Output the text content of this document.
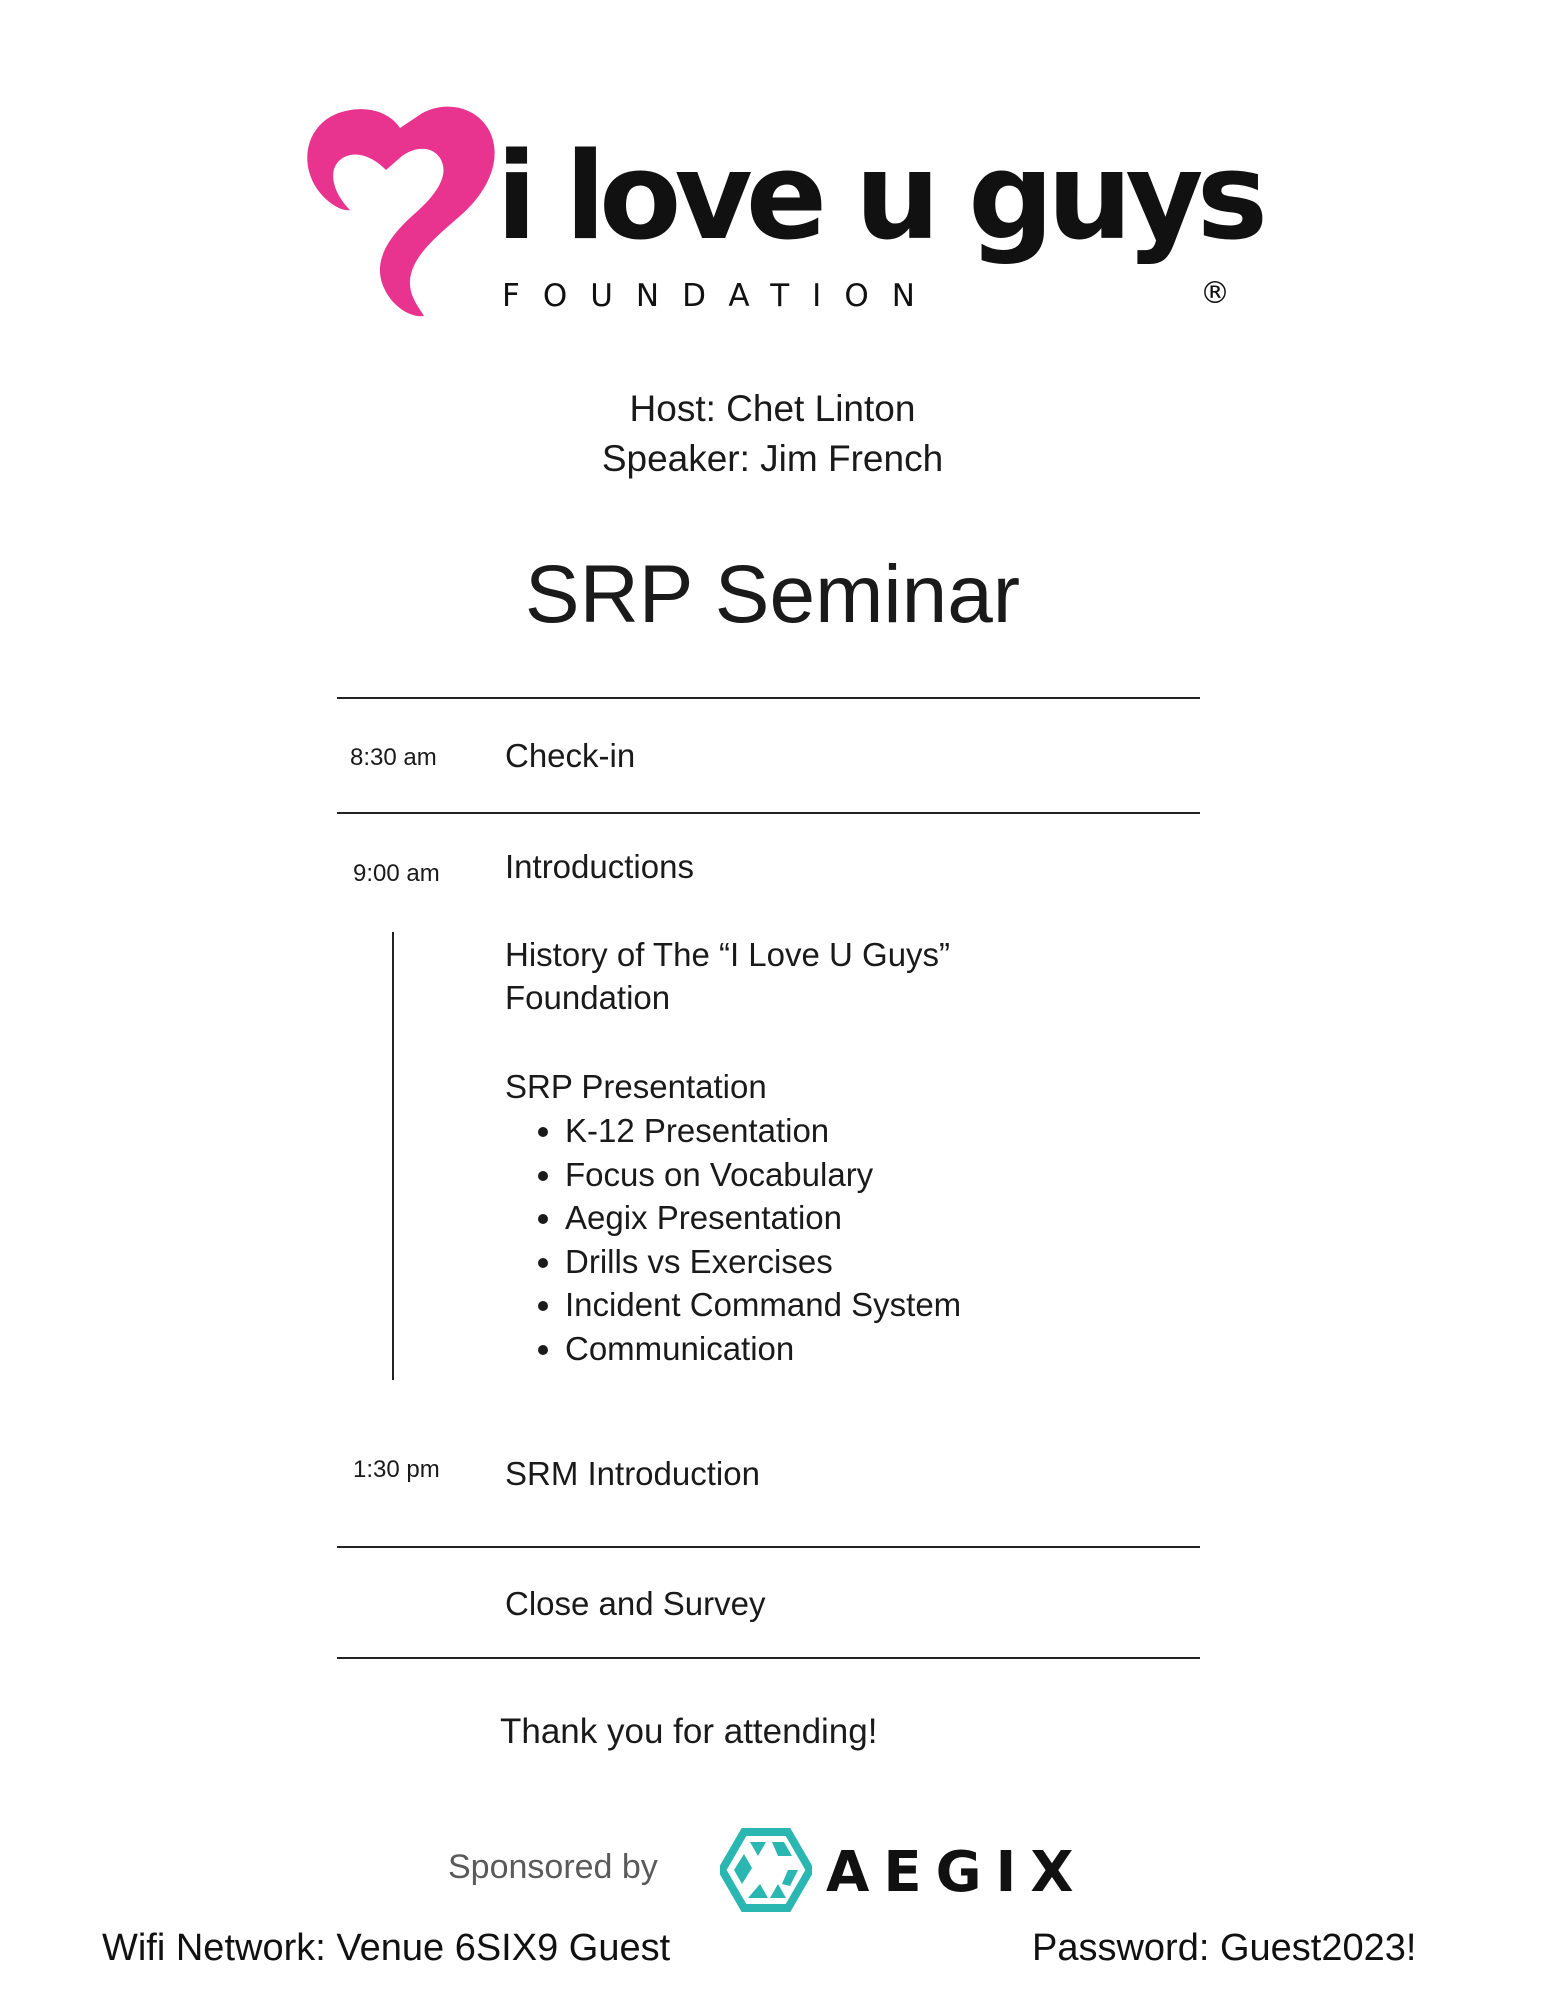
i love u guys
FOUNDATION	®
Host: Chet Linton
Speaker: Jim French
SRP Seminar
8:30 am Check-in
9:00 am Introductions
History of The “I Love U Guys”
Foundation
SRP Presentation
• K-12 Presentation
• Focus on Vocabulary
• Aegix Presentation
• Drills vs Exercises
• Incident Command System
• Communication
1:30 pm SRM Introduction
Close and Survey
Thank you for attending!
Sponsored by	AEGIX
Wifi Network: Venue 6SIX9 Guest	Password: Guest2023!
